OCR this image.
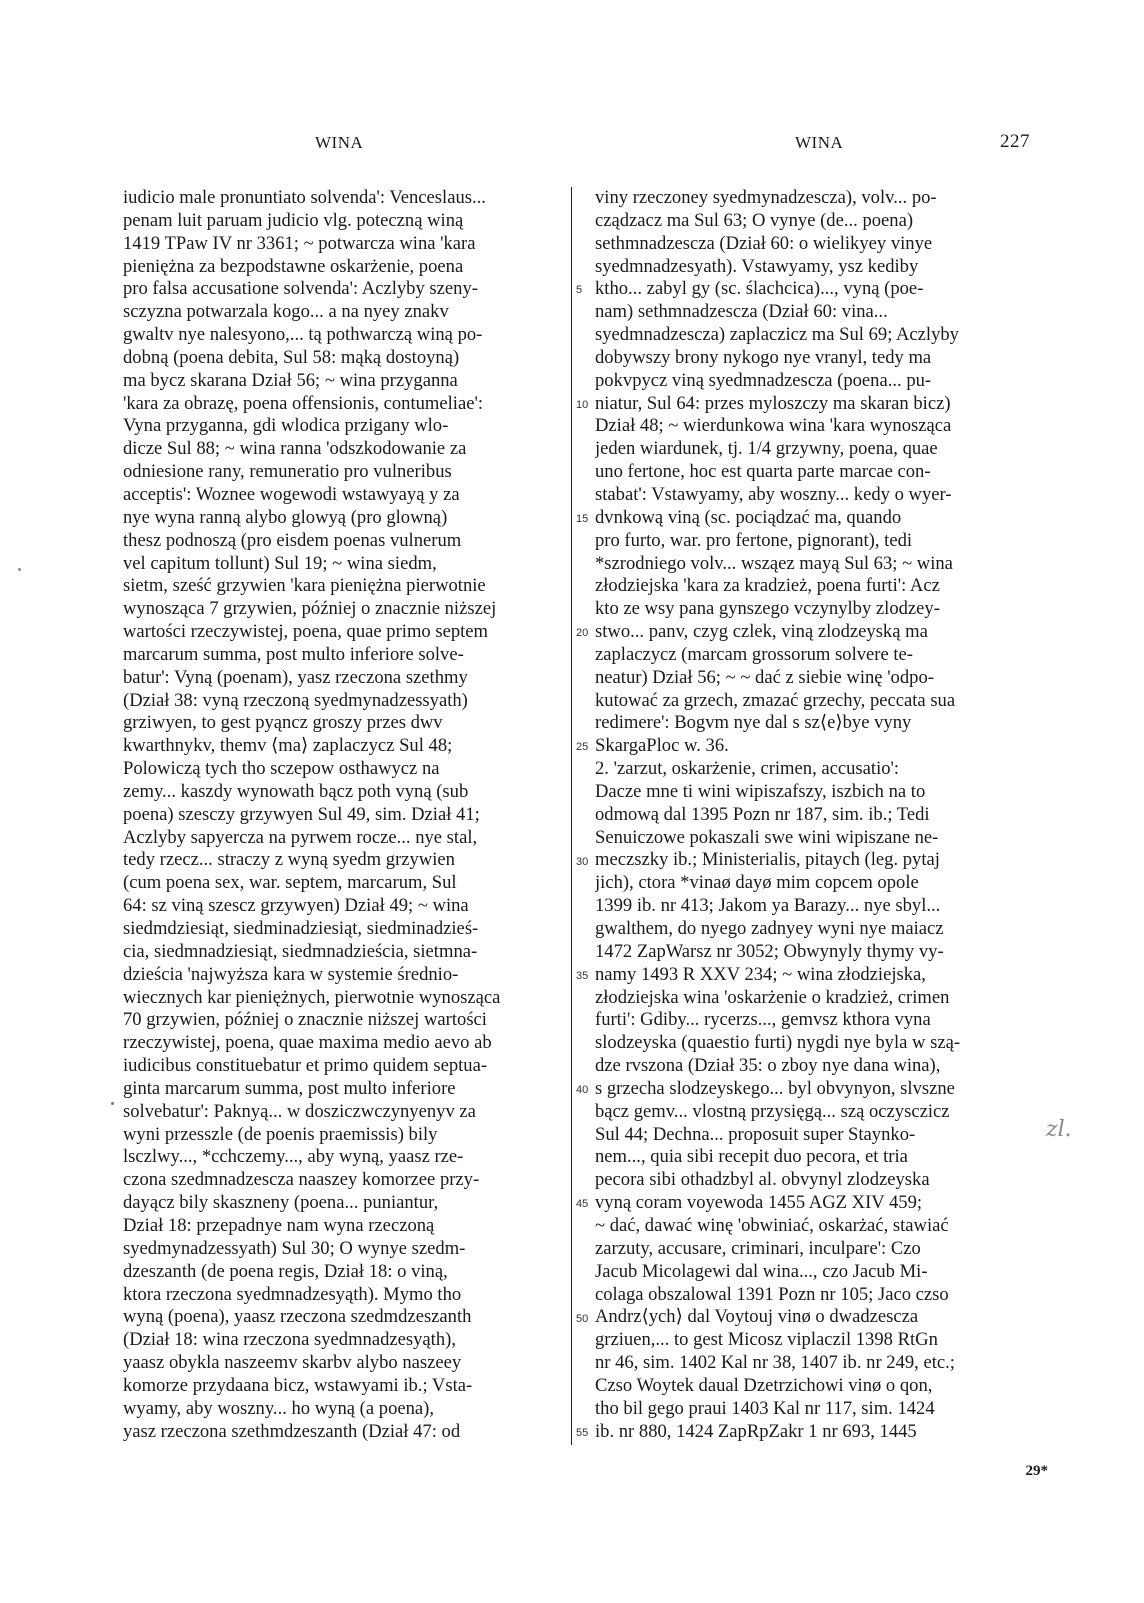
WINA	WINA	227
iudicio male pronuntiato solvenda': Venceslaus...
penam luit paruam judicio vlg. poteczną winą
1419 TPaw IV nr 3361; ~ potwarcza wina 'kara
pieniężna za bezpodstawne oskarżenie, poena
pro falsa accusatione solvenda': Aczlyby szeny-
sczyzna potwarzala kogo... a na nyey znakv
gwaltv nye nalesyono,... tą pothwarczą winą po-
dobną (poena debita, Sul 58: mąką dostoyną)
ma bycz skarana Dział 56; ~ wina przyganna
'kara za obrazę, poena offensionis, contumeliae':
Vyna przyganna, gdi wlodica przigany wlo-
dicze Sul 88; ~ wina ranna 'odszkodowanie za
odniesione rany, remuneratio pro vulneribus
acceptis': Woznee wogewodi wstawyayą y za
nye wyna ranną alybo glowyą (pro glowną)
thesz podnoszą (pro eisdem poenas vulnerum
vel capitum tollunt) Sul 19; ~ wina siedm,
sietm, sześć grzywien 'kara pieniężna pierwotnie
wynosząca 7 grzywien, później o znacznie niższej
wartości rzeczywistej, poena, quae primo septem
marcarum summa, post multo inferiore solve-
batur': Vyną (poenam), yasz rzeczona szethmy
(Dział 38: vyną rzeczoną syedmynadzessyath)
grziwyen, to gest pyąncz groszy przes dwv
kwarthnykv, themv ⟨ma⟩ zaplaczycz Sul 48;
Polowiczą tych tho sczepow osthawycz na
zemy... kaszdy wynowath bącz poth vyną (sub
poena) szesczy grzywyen Sul 49, sim. Dział 41;
Aczlyby sapyercza na pyrwem rocze... nye stal,
tedy rzecz... straczy z wyną syedm grzywien
(cum poena sex, war. septem, marcarum, Sul
64: sz viną szescz grzywyen) Dział 49; ~ wina
siedmdziesiąt, siedminadziesiąt, siedminadzieś-
cia, siedmnadziesiąt, siedmnadzieścia, sietmna-
dzieścia 'najwyższa kara w systemie średnio-
wiecznych kar pieniężnych, pierwotnie wynosząca
70 grzywien, później o znacznie niższej wartości
rzeczywistej, poena, quae maxima medio aevo ab
iudicibus constituebatur et primo quidem septua-
ginta marcarum summa, post multo inferiore
solvebatur': Paknyą... w dosziczwczynyenyv za
wyni przesszle (de poenis praemissis) bily
lsczlwy..., *cchczemy..., aby wyną, yaasz rze-
czona szedmnadzescza naaszey komorzee przy-
dayącz bily skaszneny (poena... puniantur,
Dział 18: przepadnye nam wyna rzeczoną
syedmynadzessyath) Sul 30; O wynye szedm-
dzeszanth (de poena regis, Dział 18: o viną,
ktora rzeczona syedmnadzesyąth). Mymo tho
wyną (poena), yaasz rzeczona szedmdzeszanth
(Dział 18: wina rzeczona syedmnadzesyąth),
yaasz obykla naszeemv skarbv alybo naszeey
komorze przydaana bicz, wstawyami ib.; Vsta-
wyamy, aby woszny... ho wyną (a poena),
yasz rzeczona szethmdzeszanth (Dział 47: od
viny rzeczoney syedmynadzescza), volv... po-
cządzacz ma Sul 63; O vynye (de... poena)
sethmnadzescza (Dział 60: o wielikyey vinye
syedmnadzesyath). Vstawyamy, ysz kediby
ktho... zabyl gy (sc. ślachcica)..., vyną (poe-
nam) sethmnadzescza (Dział 60: vina...
syedmnadzescza) zaplaczicz ma Sul 69; Aczlyby
dobywszy brony nykogo nye vranyl, tedy ma
pokvpycz viną syedmnadzescza (poena... pu-
niatur, Sul 64: przes myloszczy ma skaran bicz)
Dział 48; ~ wierdunkowa wina 'kara wynosząca
jeden wiardunek, tj. 1/4 grzywny, poena, quae
uno fertone, hoc est quarta parte marcae con-
stabat': Vstawyamy, aby woszny... kedy o wyer-
dvnkową viną (sc. pociądzać ma, quando
pro furto, war. pro fertone, pignorant), tedi
*szrodniego volv... wsząez mayą Sul 63; ~ wina
złodziejska 'kara za kradzież, poena furti': Acz
kto ze wsy pana gynszego vczynylby zlodzey-
stwo... panv, czyg czlek, viną zlodzeyską ma
zaplaczycz (marcam grossorum solvere te-
neatur) Dział 56; ~ ~ dać z siebie winę 'odpo-
kutować za grzech, zmazać grzechy, peccata sua
redimere': Bogvm nye dal s sz⟨e⟩bye vyny
SkargaPloc w. 36.
2. 'zarzut, oskarżenie, crimen, accusatio':
Dacze mne ti wini wipiszafszy, iszbich na to
odmową dal 1395 Pozn nr 187, sim. ib.; Tedi
Senuiczowe pokaszali swe wini wipiszane ne-
meczszky ib.; Ministerialis, pitaych (leg. pytaj
jich), ctora *vinaø dayø mim copcem opole
1399 ib. nr 413; Jakom ya Barazy... nye sbyl...
gwalthem, do nyego zadnyey wyni nye maiacz
1472 ZapWarsz nr 3052; Obwynyly thymy vy-
namy 1493 R XXV 234; ~ wina złodziejska,
złodziejska wina 'oskarżenie o kradzież, crimen
furti': Gdiby... rycerzs..., gemvsz kthora vyna
slodzeyska (quaestio furti) nygdi nye byla w szą-
dze rvszona (Dział 35: o zboy nye dana wina),
s grzecha slodzeyskego... byl obvynyon, slvszne
bącz gemv... vlostną przysięgą... szą oczysczicz
Sul 44; Dechna... proposuit super Staynko-
nem..., quia sibi recepit duo pecora, et tria
pecora sibi othadzbyl al. obvynyl zlodzeyska
vyną coram voyewoda 1455 AGZ XIV 459;
~ dać, dawać winę 'obwiniać, oskarżać, stawiać
zarzuty, accusare, criminari, inculpare': Czo
Jacub Micolagewi dal wina..., czo Jacub Mi-
colaga obszalowal 1391 Pozn nr 105; Jaco czso
Andrz⟨ych⟩ dal Voytouj vinø o dwadzescza
grziuen,... to gest Micosz viplaczil 1398 RtGn
nr 46, sim. 1402 Kal nr 38, 1407 ib. nr 249, etc.;
Czso Woytek daual Dzetrzichowi vinø o qon,
tho bil gego praui 1403 Kal nr 117, sim. 1424
ib. nr 880, 1424 ZapRpZakr 1 nr 693, 1445
5
10
15
20
25
30
35
40
45
50
55
zl.
29*
